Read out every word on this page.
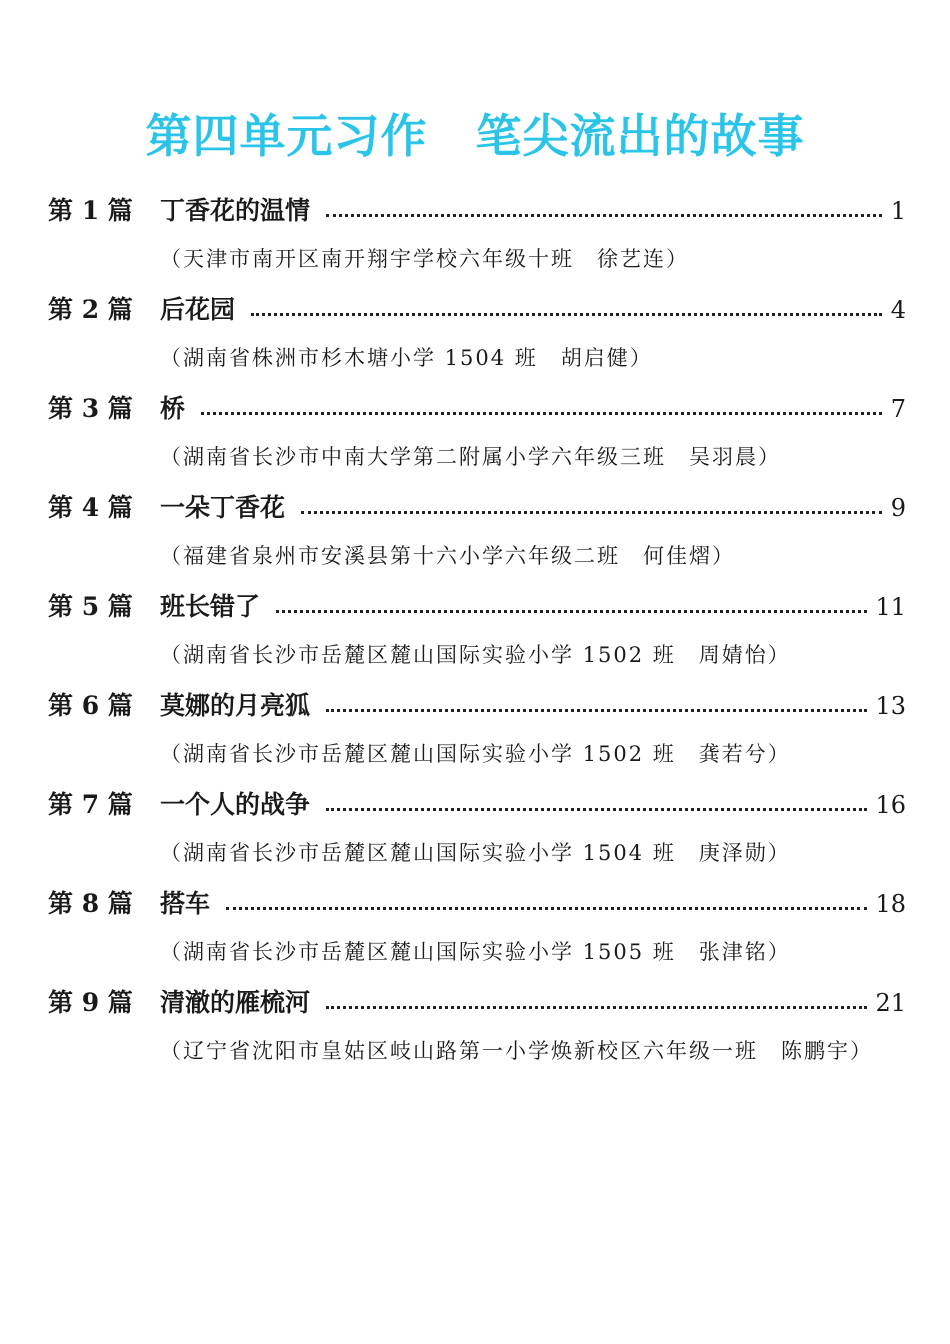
第四单元习作 笔尖流出的故事
第 1 篇	丁香花的温情	1
（天津市南开区南开翔宇学校六年级十班　徐艺连）
第 2 篇	后花园	4
（湖南省株洲市杉木塘小学 1504 班　胡启健）
第 3 篇	桥	7
（湖南省长沙市中南大学第二附属小学六年级三班　吴羽晨）
第 4 篇	一朵丁香花	9
（福建省泉州市安溪县第十六小学六年级二班　何佳熠）
第 5 篇	班长错了	11
（湖南省长沙市岳麓区麓山国际实验小学 1502 班　周婧怡）
第 6 篇	莫娜的月亮狐	13
（湖南省长沙市岳麓区麓山国际实验小学 1502 班　龚若兮）
第 7 篇	一个人的战争	16
（湖南省长沙市岳麓区麓山国际实验小学 1504 班　庚泽勋）
第 8 篇	搭车	18
（湖南省长沙市岳麓区麓山国际实验小学 1505 班　张津铭）
第 9 篇	清澈的雁梳河	21
（辽宁省沈阳市皇姑区岐山路第一小学焕新校区六年级一班　陈鹏宇）
